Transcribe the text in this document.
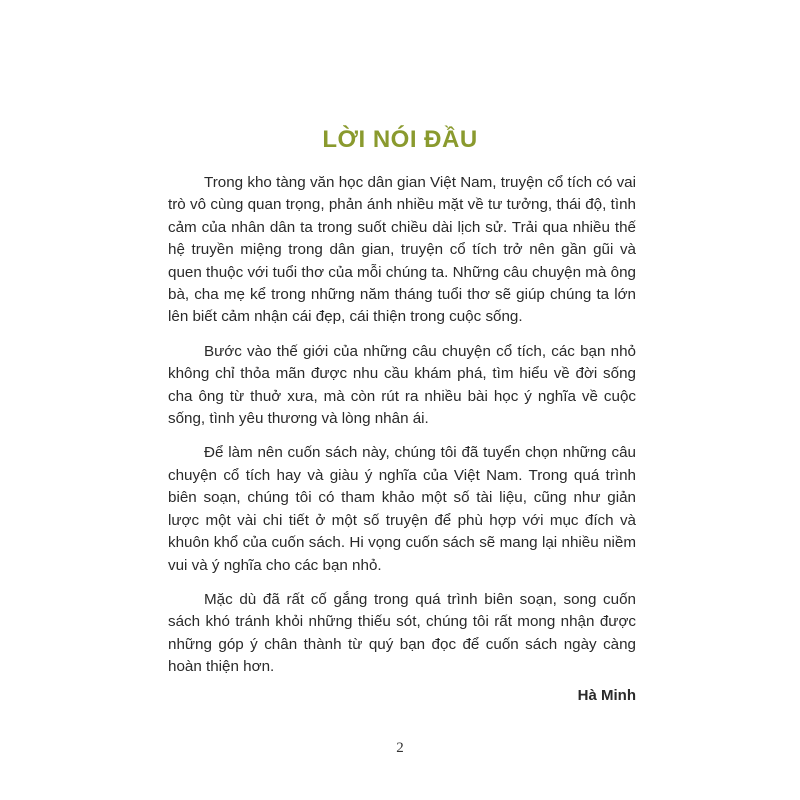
LỜI NÓI ĐẦU

Trong kho tàng văn học dân gian Việt Nam, truyện cổ tích có vai trò vô cùng quan trọng, phản ánh nhiều mặt về tư tưởng, thái độ, tình cảm của nhân dân ta trong suốt chiều dài lịch sử. Trải qua nhiều thế hệ truyền miệng trong dân gian, truyện cổ tích trở nên gần gũi và quen thuộc với tuổi thơ của mỗi chúng ta. Những câu chuyện mà ông bà, cha mẹ kể trong những năm tháng tuổi thơ sẽ giúp chúng ta lớn lên biết cảm nhận cái đẹp, cái thiện trong cuộc sống.

Bước vào thế giới của những câu chuyện cổ tích, các bạn nhỏ không chỉ thỏa mãn được nhu cầu khám phá, tìm hiểu về đời sống cha ông từ thuở xưa, mà còn rút ra nhiều bài học ý nghĩa về cuộc sống, tình yêu thương và lòng nhân ái.

Để làm nên cuốn sách này, chúng tôi đã tuyển chọn những câu chuyện cổ tích hay và giàu ý nghĩa của Việt Nam. Trong quá trình biên soạn, chúng tôi có tham khảo một số tài liệu, cũng như giản lược một vài chi tiết ở một số truyện để phù hợp với mục đích và khuôn khổ của cuốn sách. Hi vọng cuốn sách sẽ mang lại nhiều niềm vui và ý nghĩa cho các bạn nhỏ.

Mặc dù đã rất cố gắng trong quá trình biên soạn, song cuốn sách khó tránh khỏi những thiếu sót, chúng tôi rất mong nhận được những góp ý chân thành từ quý bạn đọc để cuốn sách ngày càng hoàn thiện hơn.

Hà Minh
2
